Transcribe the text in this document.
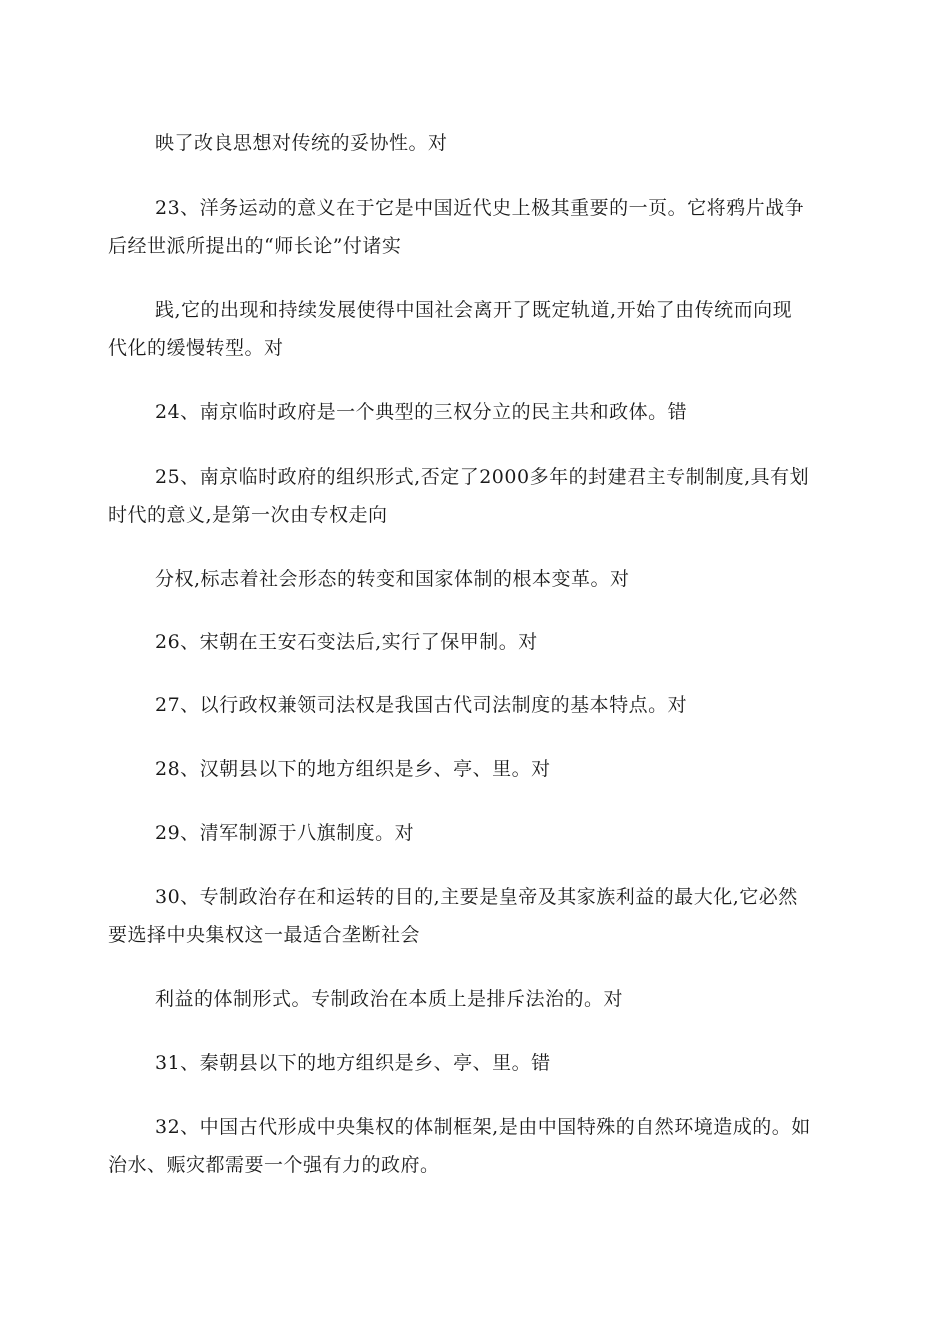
映了改良思想对传统的妥协性。对
23、洋务运动的意义在于它是中国近代史上极其重要的一页。它将鸦片战争
后经世派所提出的“师长论”付诸实
践,它的出现和持续发展使得中国社会离开了既定轨道,开始了由传统而向现
代化的缓慢转型。对
24、南京临时政府是一个典型的三权分立的民主共和政体。错
25、南京临时政府的组织形式,否定了2000多年的封建君主专制制度,具有划
时代的意义,是第一次由专权走向
分权,标志着社会形态的转变和国家体制的根本变革。对
26、宋朝在王安石变法后,实行了保甲制。对
27、以行政权兼领司法权是我国古代司法制度的基本特点。对
28、汉朝县以下的地方组织是乡、亭、里。对
29、清军制源于八旗制度。对
30、专制政治存在和运转的目的,主要是皇帝及其家族利益的最大化,它必然
要选择中央集权这一最适合垄断社会
利益的体制形式。专制政治在本质上是排斥法治的。对
31、秦朝县以下的地方组织是乡、亭、里。错
32、中国古代形成中央集权的体制框架,是由中国特殊的自然环境造成的。如
治水、赈灾都需要一个强有力的政府。
